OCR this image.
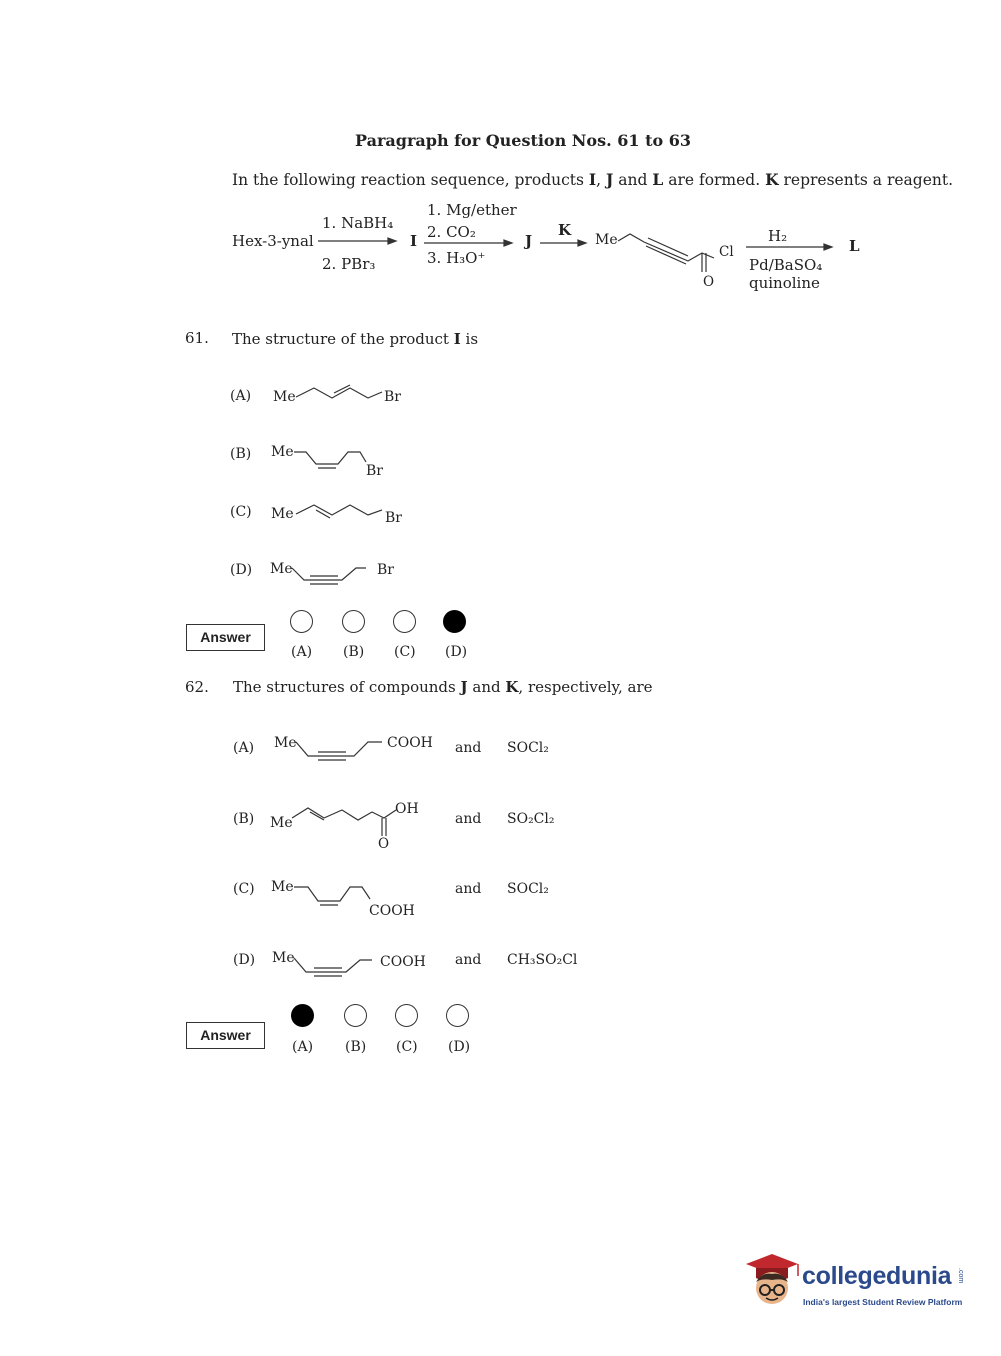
Paragraph for Question Nos. 61 to 63
In the following reaction sequence, products I, J and L are formed. K represents a reagent.
Hex-3-ynal
1. NaBH₄
2. PBr₃
I
1. Mg/ether
2. CO₂
3. H₃O⁺
J
K
Me
Cl
O
H₂
Pd/BaSO₄
quinoline
L
61. The structure of the product I is
(A) Me	Br
(B) Me
Br
(C) Me	Br
(D) Me	Br
Answer
(A) (B) (C) (D)
62. The structures of compounds J and K, respectively, are
(A) Me	COOH and SOCl₂
(B) Me
OH
O
and SO₂Cl₂
(C) Me
COOH
and SOCl₂
(D) Me	COOH and CH₃SO₂Cl
Answer
(A) (B) (C) (D)
collegedunia .com
India's largest Student Review Platform
